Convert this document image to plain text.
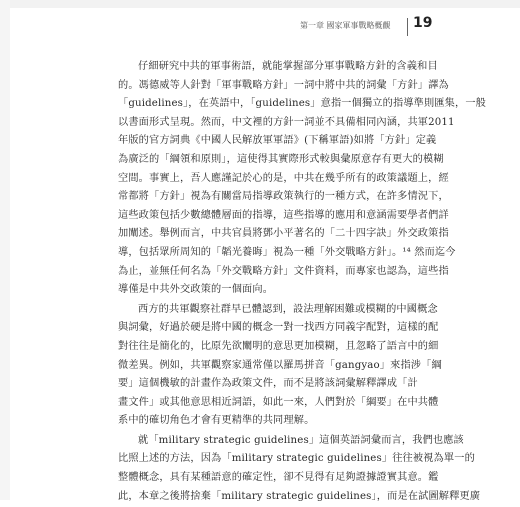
第一章 國家軍事戰略概觀 19
仔細研究中共的軍事術語，就能掌握部分軍事戰略方針的含義和目
的。馮德威等人針對「軍事戰略方針」一詞中將中共的詞彙「方針」譯為
「guidelines」，在英語中，「guidelines」意指一個獨立的指導準則匯集，一般
以書面形式呈現。然而，中文裡的方針一詞並不具備相同內涵，共軍2011
年版的官方詞典《中國人民解放軍軍語》(下稱軍語)如將「方針」定義
為廣泛的「綱領和原則」，這使得其實際形式較與彙原意存有更大的模糊
空間。事實上，吾人應謹記於心的是，中共在幾乎所有的政策議題上，經
常都將「方針」視為有關當局指導政策執行的一種方式，在許多情況下，
這些政策包括少數總體層面的指導，這些指導的應用和意涵需要學者們詳
加闡述。舉例而言，中共官員將鄧小平著名的「二十四字訣」外交政策指
導，包括眾所周知的「韜光養晦」視為一種「外交戰略方針」。¹⁴ 然而迄今
為止，並無任何名為「外交戰略方針」文件資料，而專家也認為，這些指
導僅是中共外交政策的一個面向。
西方的共軍觀察社群早已體認到，設法理解困難或模糊的中國概念
與詞彙，好過於硬是將中國的概念一對一找西方同義字配對，這樣的配
對往往是簡化的，比原先欲闡明的意思更加模糊，且忽略了語言中的細
微差異。例如，共軍觀察家通常僅以羅馬拼音「gangyao」來指涉「綱
要」這個機敏的計畫作為政策文件，而不是將該詞彙解釋譯成「計
畫文件」或其他意思相近詞語，如此一來，人們對於「綱要」在中共體
系中的確切角色才會有更精準的共同理解。
就「military strategic guidelines」這個英語詞彙而言，我們也應該
比照上述的方法，因為「military strategic guidelines」往往被視為單一的
整體概念，具有某種語意的確定性，卻不見得有足夠證據證實其意。鑑
此，本章之後將捨棄「military strategic guidelines」，而是在試圖解釋更廣
